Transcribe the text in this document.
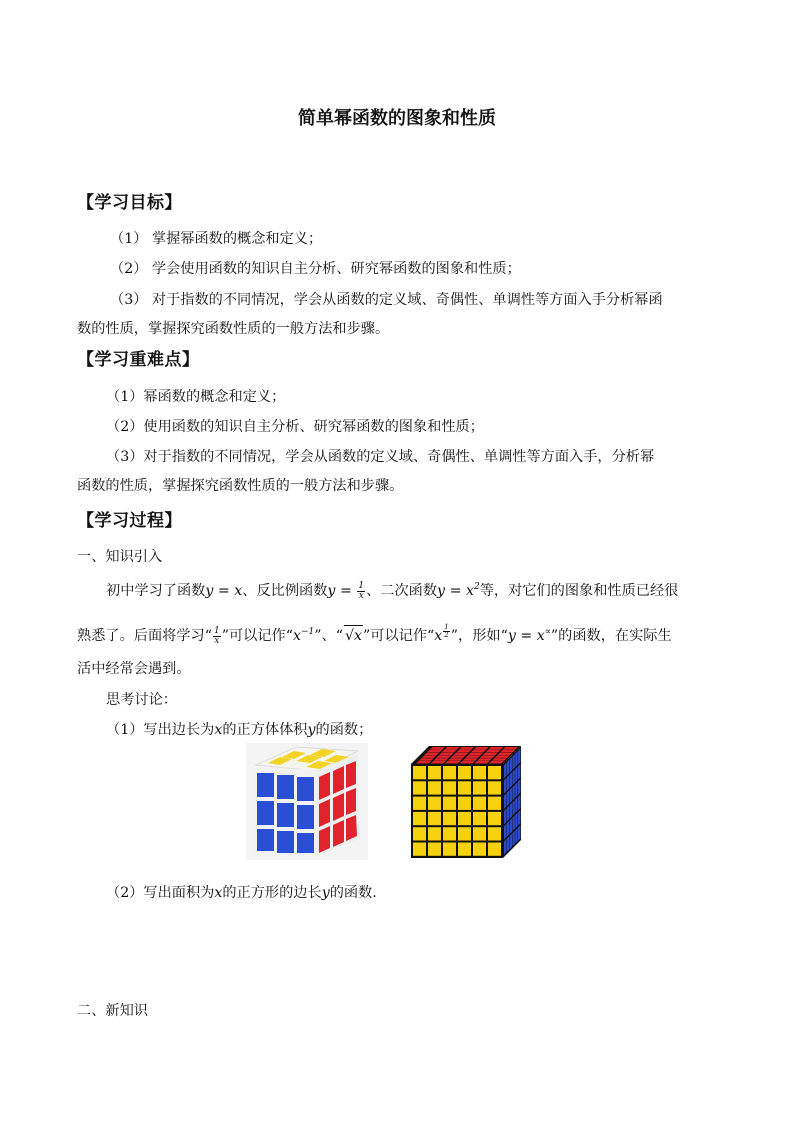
简单幂函数的图象和性质
【学习目标】
（1） 掌握幂函数的概念和定义；
（2） 学会使用函数的知识自主分析、研究幂函数的图象和性质；
（3） 对于指数的不同情况，学会从函数的定义域、奇偶性、单调性等方面入手分析幂函
数的性质，掌握探究函数性质的一般方法和步骤。
【学习重难点】
（1）幂函数的概念和定义；
（2）使用函数的知识自主分析、研究幂函数的图象和性质；
（3）对于指数的不同情况，学会从函数的定义域、奇偶性、单调性等方面入手，分析幂
函数的性质，掌握探究函数性质的一般方法和步骤。
【学习过程】
一、知识引入
初中学习了函数y = x、反比例函数$y = \frac{1}{x}$ 、二次函数$y = x^2$等，对它们的图象和性质已经很
熟悉了。后面将学习“ $\frac{1}{x}$ ”可以记作“$x^{-1}$”、“ √x”可以记作“x $^{\frac{1}{2}}$ ”，形如“y = x∝”的函数，在实际生
活中经常会遇到。
思考讨论：
（1）写出边长为x的正方体体积y的函数；
（2）写出面积为x的正方形的边长y的函数.
二、新知识
